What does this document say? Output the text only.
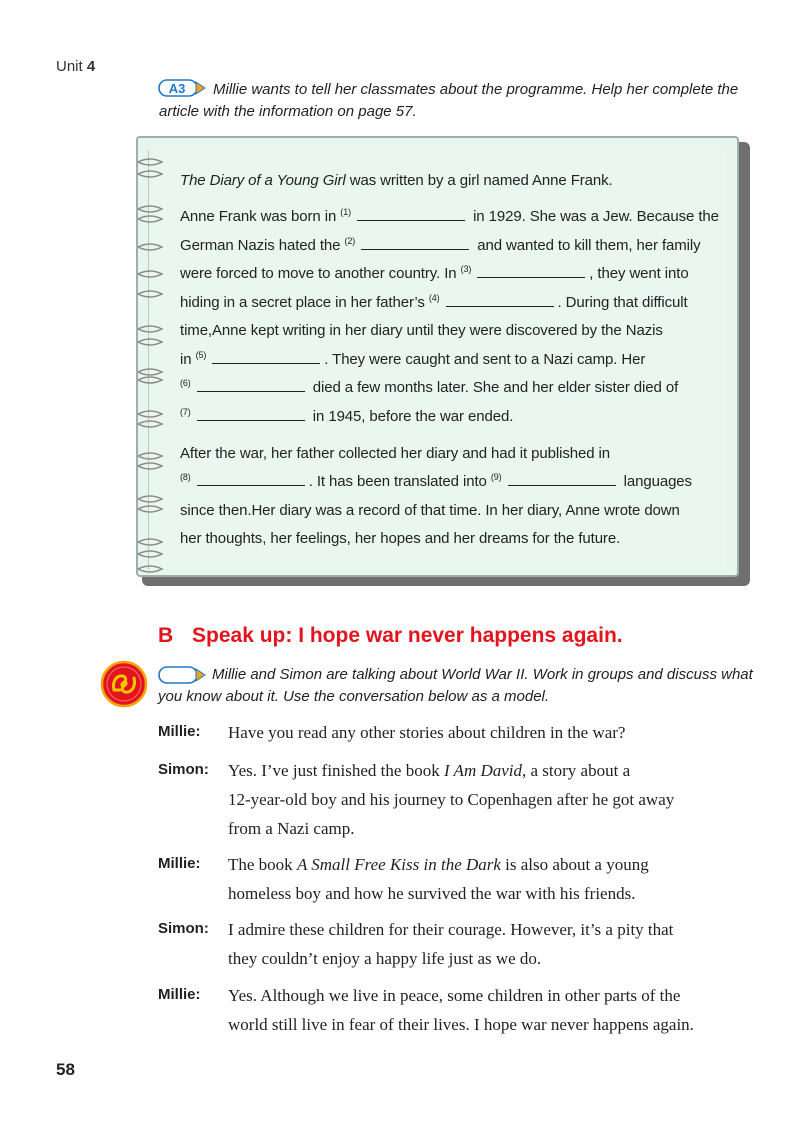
Unit 4
A3	Millie wants to tell her classmates about the programme. Help her complete the article with the information on page 57.
The Diary of a Young Girl was written by a girl named Anne Frank.
Anne Frank was born in $^{(1)}$	in 1929. She was a Jew. Because the
German Nazis hated the $^{(2)}$	and wanted to kill them, her family
were forced to move to another country. In $^{(3)}$	, they went into
hiding in a secret place in her father’s $^{(4)}$	. During that difficult
time,Anne kept writing in her diary until they were discovered by the Nazis
in $^{(5)}$	. They were caught and sent to a Nazi camp. Her
$^{(6)}$	died a few months later. She and her elder sister died of
$^{(7)}$	in 1945, before the war ended.
After the war, her father collected her diary and had it published in
$^{(8)}$	. It has been translated into $^{(9)}$	languages
since then.Her diary was a record of that time. In her diary, Anne wrote down
her thoughts, her feelings, her hopes and her dreams for the future.
B Speak up: I hope war never happens again.
Millie and Simon are talking about World War II. Work in groups and discuss what you know about it. Use the conversation below as a model.
Millie: Have you read any other stories about children in the war?
Simon: Yes. I’ve just finished the book I Am David, a story about a
12-year-old boy and his journey to Copenhagen after he got away
from a Nazi camp.
Millie: The book A Small Free Kiss in the Dark is also about a young
homeless boy and how he survived the war with his friends.
Simon: I admire these children for their courage. However, it’s a pity that
they couldn’t enjoy a happy life just as we do.
Millie: Yes. Although we live in peace, some children in other parts of the
world still live in fear of their lives. I hope war never happens again.
58
